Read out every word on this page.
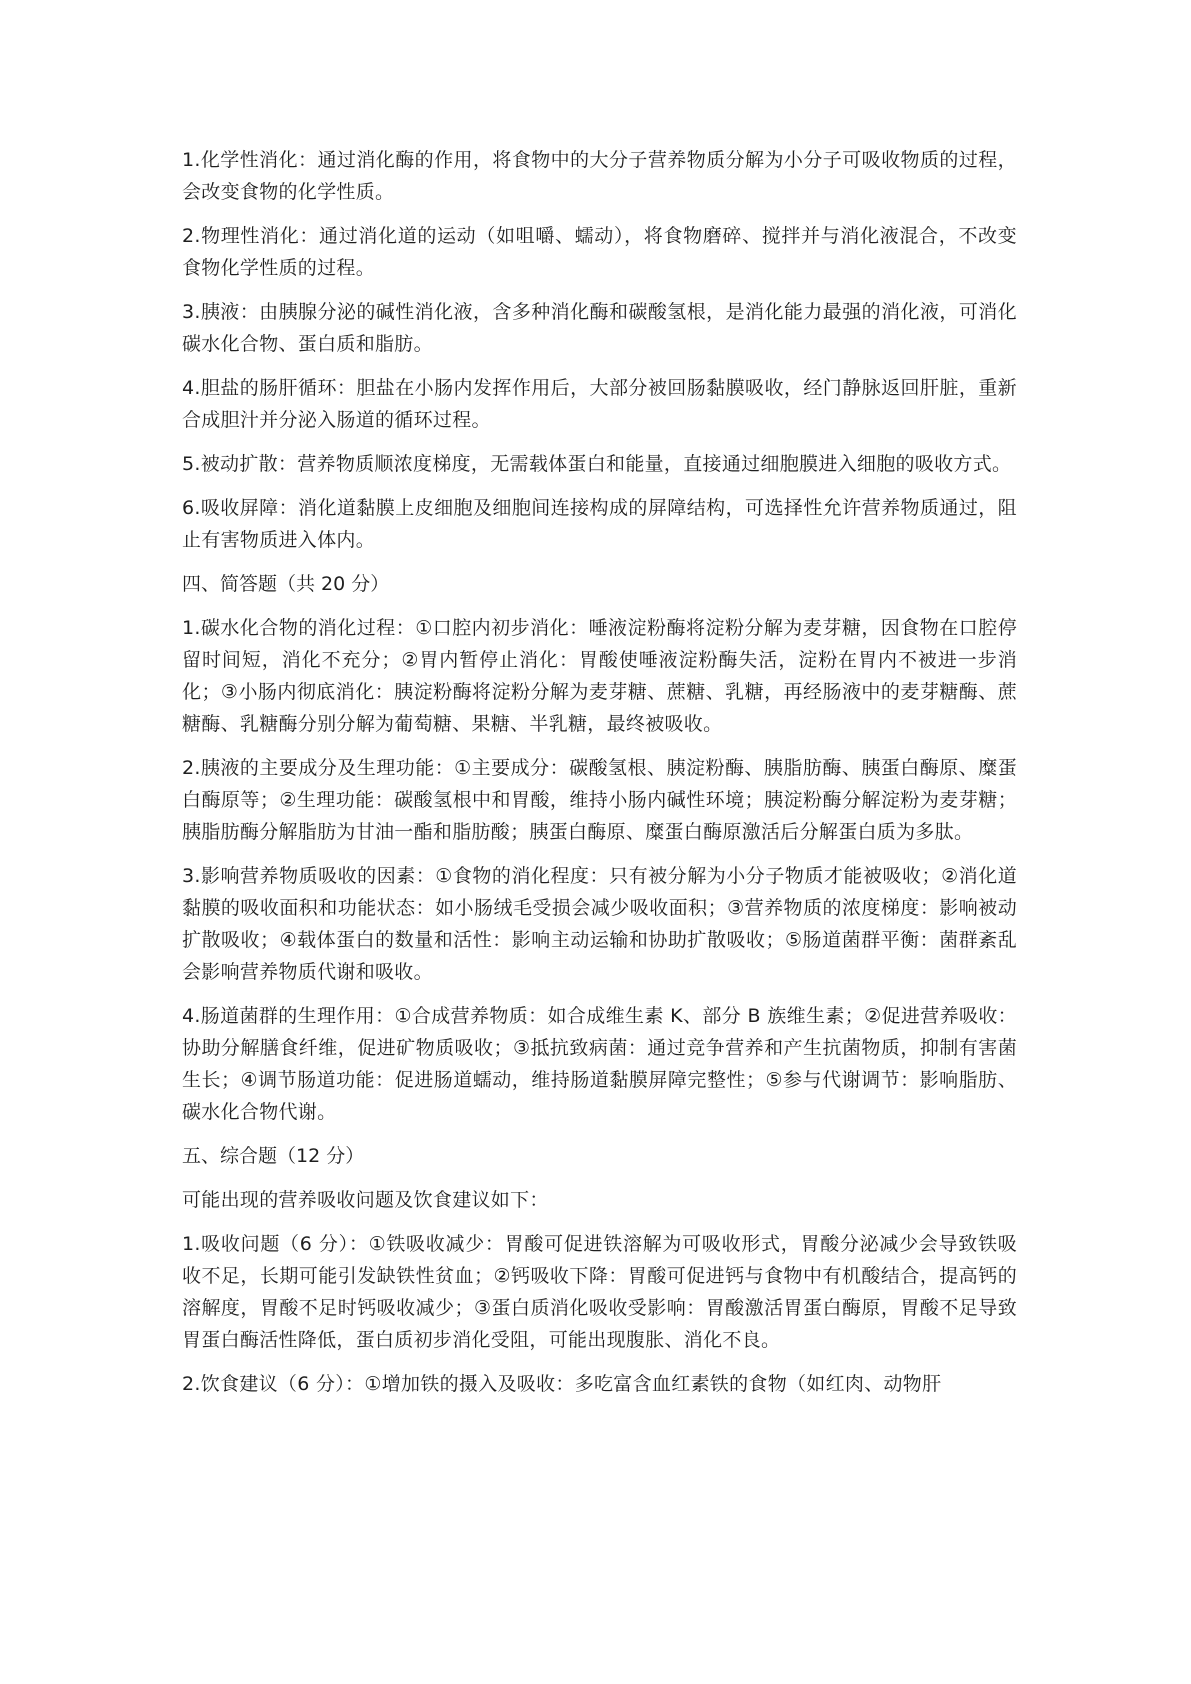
1.化学性消化：通过消化酶的作用，将食物中的大分子营养物质分解为小分子可吸收物质的过程，会改变食物的化学性质。

2.物理性消化：通过消化道的运动（如咀嚼、蠕动），将食物磨碎、搅拌并与消化液混合，不改变食物化学性质的过程。

3.胰液：由胰腺分泌的碱性消化液，含多种消化酶和碳酸氢根，是消化能力最强的消化液，可消化碳水化合物、蛋白质和脂肪。

4.胆盐的肠肝循环：胆盐在小肠内发挥作用后，大部分被回肠黏膜吸收，经门静脉返回肝脏，重新合成胆汁并分泌入肠道的循环过程。

5.被动扩散：营养物质顺浓度梯度，无需载体蛋白和能量，直接通过细胞膜进入细胞的吸收方式。

6.吸收屏障：消化道黏膜上皮细胞及细胞间连接构成的屏障结构，可选择性允许营养物质通过，阻止有害物质进入体内。

四、简答题（共 20 分）

1.碳水化合物的消化过程：①口腔内初步消化：唾液淀粉酶将淀粉分解为麦芽糖，因食物在口腔停留时间短，消化不充分；②胃内暂停止消化：胃酸使唾液淀粉酶失活，淀粉在胃内不被进一步消化；③小肠内彻底消化：胰淀粉酶将淀粉分解为麦芽糖、蔗糖、乳糖，再经肠液中的麦芽糖酶、蔗糖酶、乳糖酶分别分解为葡萄糖、果糖、半乳糖，最终被吸收。

2.胰液的主要成分及生理功能：①主要成分：碳酸氢根、胰淀粉酶、胰脂肪酶、胰蛋白酶原、糜蛋白酶原等；②生理功能：碳酸氢根中和胃酸，维持小肠内碱性环境；胰淀粉酶分解淀粉为麦芽糖；胰脂肪酶分解脂肪为甘油一酯和脂肪酸；胰蛋白酶原、糜蛋白酶原激活后分解蛋白质为多肽。

3.影响营养物质吸收的因素：①食物的消化程度：只有被分解为小分子物质才能被吸收；②消化道黏膜的吸收面积和功能状态：如小肠绒毛受损会减少吸收面积；③营养物质的浓度梯度：影响被动扩散吸收；④载体蛋白的数量和活性：影响主动运输和协助扩散吸收；⑤肠道菌群平衡：菌群紊乱会影响营养物质代谢和吸收。

4.肠道菌群的生理作用：①合成营养物质：如合成维生素 K、部分 B 族维生素；②促进营养吸收：协助分解膳食纤维，促进矿物质吸收；③抵抗致病菌：通过竞争营养和产生抗菌物质，抑制有害菌生长；④调节肠道功能：促进肠道蠕动，维持肠道黏膜屏障完整性；⑤参与代谢调节：影响脂肪、碳水化合物代谢。

五、综合题（12 分）

可能出现的营养吸收问题及饮食建议如下：

1.吸收问题（6 分）：①铁吸收减少：胃酸可促进铁溶解为可吸收形式，胃酸分泌减少会导致铁吸收不足，长期可能引发缺铁性贫血；②钙吸收下降：胃酸可促进钙与食物中有机酸结合，提高钙的溶解度，胃酸不足时钙吸收减少；③蛋白质消化吸收受影响：胃酸激活胃蛋白酶原，胃酸不足导致胃蛋白酶活性降低，蛋白质初步消化受阻，可能出现腹胀、消化不良。

2.饮食建议（6 分）：①增加铁的摄入及吸收：多吃富含血红素铁的食物（如红肉、动物肝
